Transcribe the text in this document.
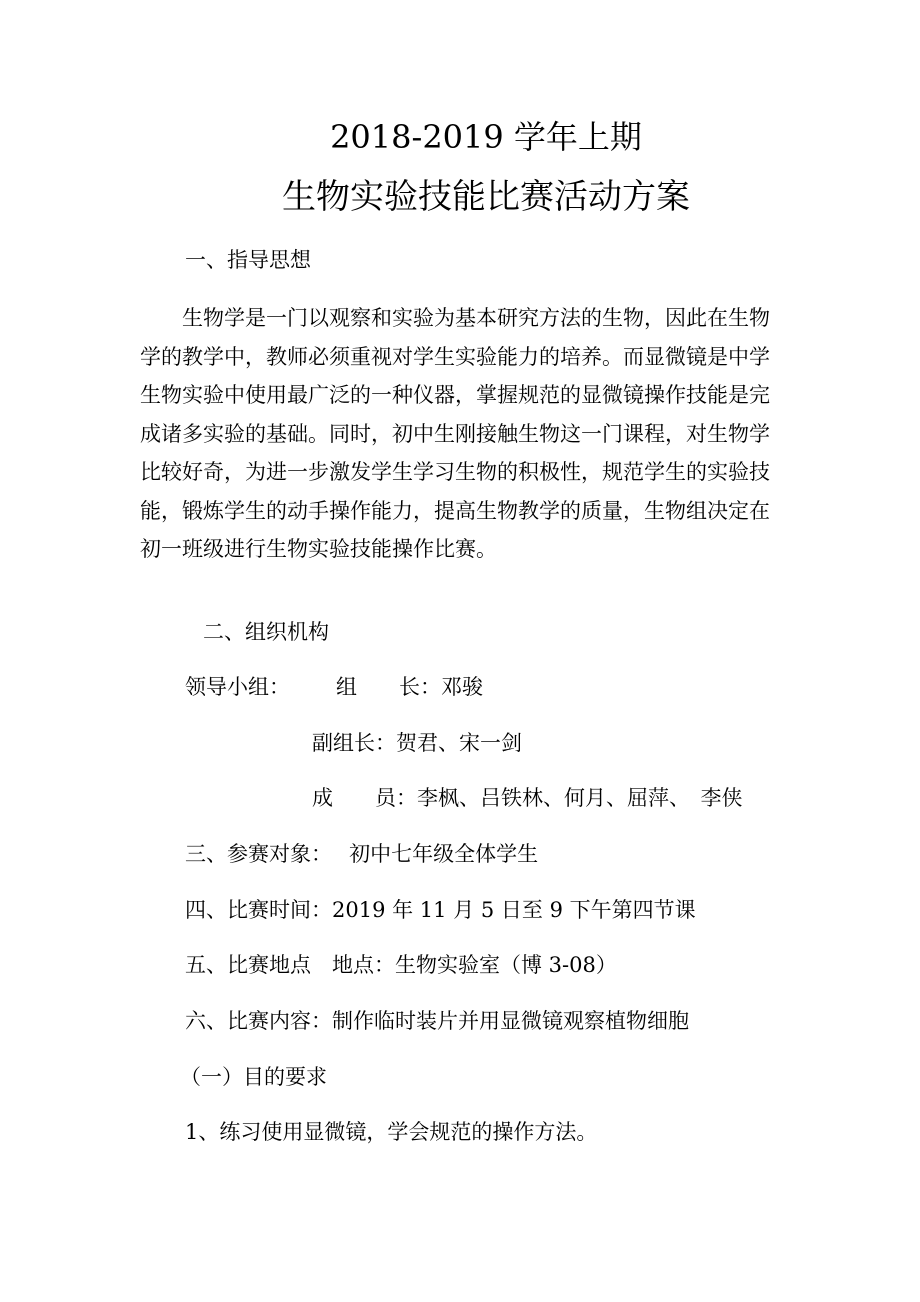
2018-2019 学年上期
生物实验技能比赛活动方案
一、指导思想
生物学是一门以观察和实验为基本研究方法的生物，因此在生物
学的教学中，教师必须重视对学生实验能力的培养。而显微镜是中学
生物实验中使用最广泛的一种仪器，掌握规范的显微镜操作技能是完
成诸多实验的基础。同时，初中生刚接触生物这一门课程，对生物学
比较好奇，为进一步激发学生学习生物的积极性，规范学生的实验技
能，锻炼学生的动手操作能力，提高生物教学的质量，生物组决定在
初一班级进行生物实验技能操作比赛。
二、组织机构
领导小组： 组　　长：邓骏
副组长：贺君、宋一剑
成　　员：李枫、吕铁林、何月、屈萍、　李侠
三、参赛对象：　 初中七年级全体学生
四、比赛时间：2019 年 11 月 5 日至 9 下午第四节课
五、比赛地点　地点：生物实验室（博 3-08）
六、比赛内容：制作临时装片并用显微镜观察植物细胞
（一）目的要求
1、练习使用显微镜，学会规范的操作方法。
